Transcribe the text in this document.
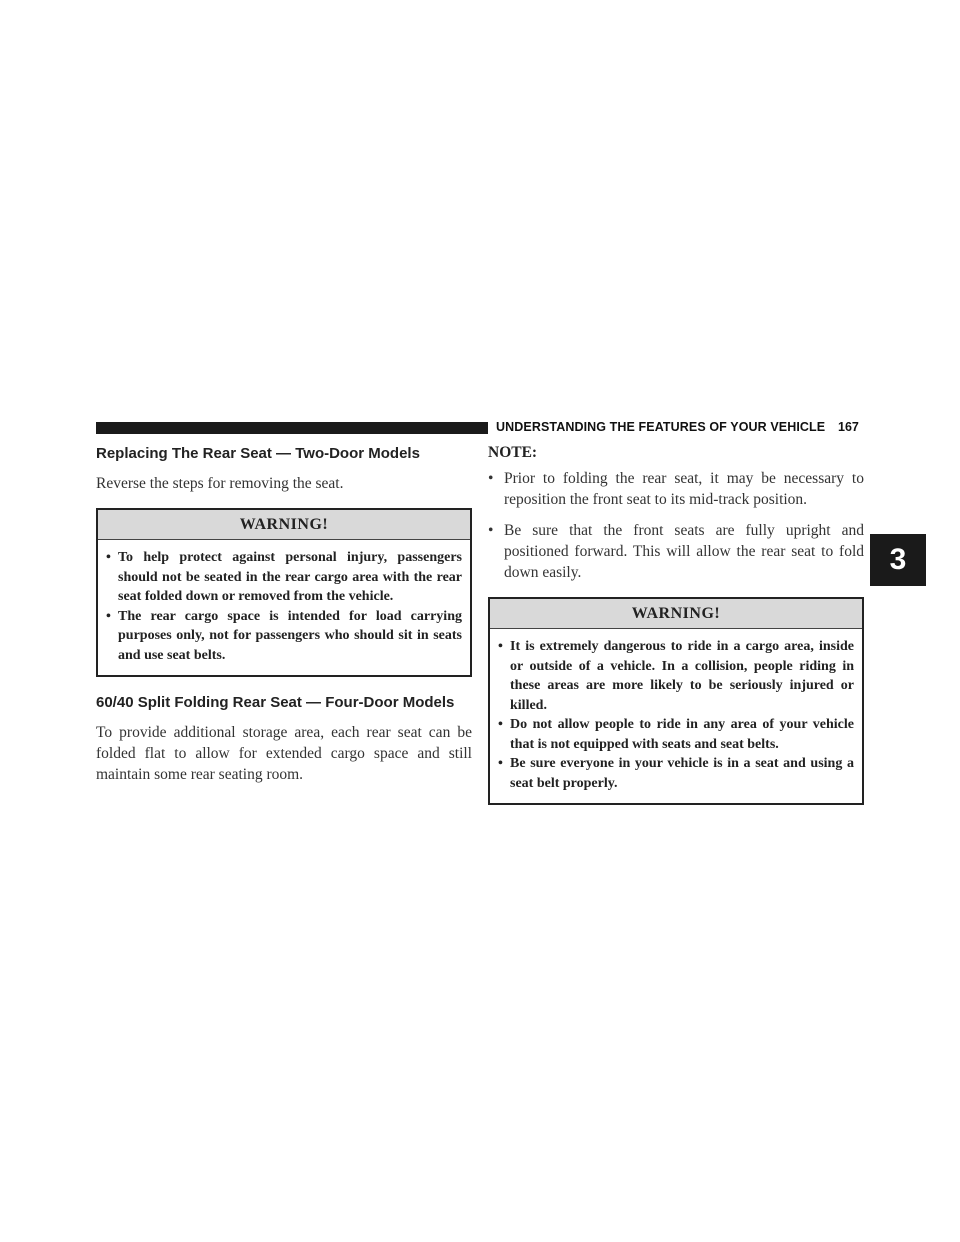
UNDERSTANDING THE FEATURES OF YOUR VEHICLE 167
3
Replacing The Rear Seat — Two-Door Models

Reverse the steps for removing the seat.

WARNING!
• To help protect against personal injury, passengers should not be seated in the rear cargo area with the rear seat folded down or removed from the vehicle.
• The rear cargo space is intended for load carrying purposes only, not for passengers who should sit in seats and use seat belts.
60/40 Split Folding Rear Seat — Four-Door Models

To provide additional storage area, each rear seat can be folded flat to allow for extended cargo space and still maintain some rear seating room.

NOTE:

• Prior to folding the rear seat, it may be necessary to reposition the front seat to its mid-track position.
• Be sure that the front seats are fully upright and positioned forward. This will allow the rear seat to fold down easily.
WARNING!
• It is extremely dangerous to ride in a cargo area, inside or outside of a vehicle. In a collision, people riding in these areas are more likely to be seriously injured or killed.
• Do not allow people to ride in any area of your vehicle that is not equipped with seats and seat belts.
• Be sure everyone in your vehicle is in a seat and using a seat belt properly.
